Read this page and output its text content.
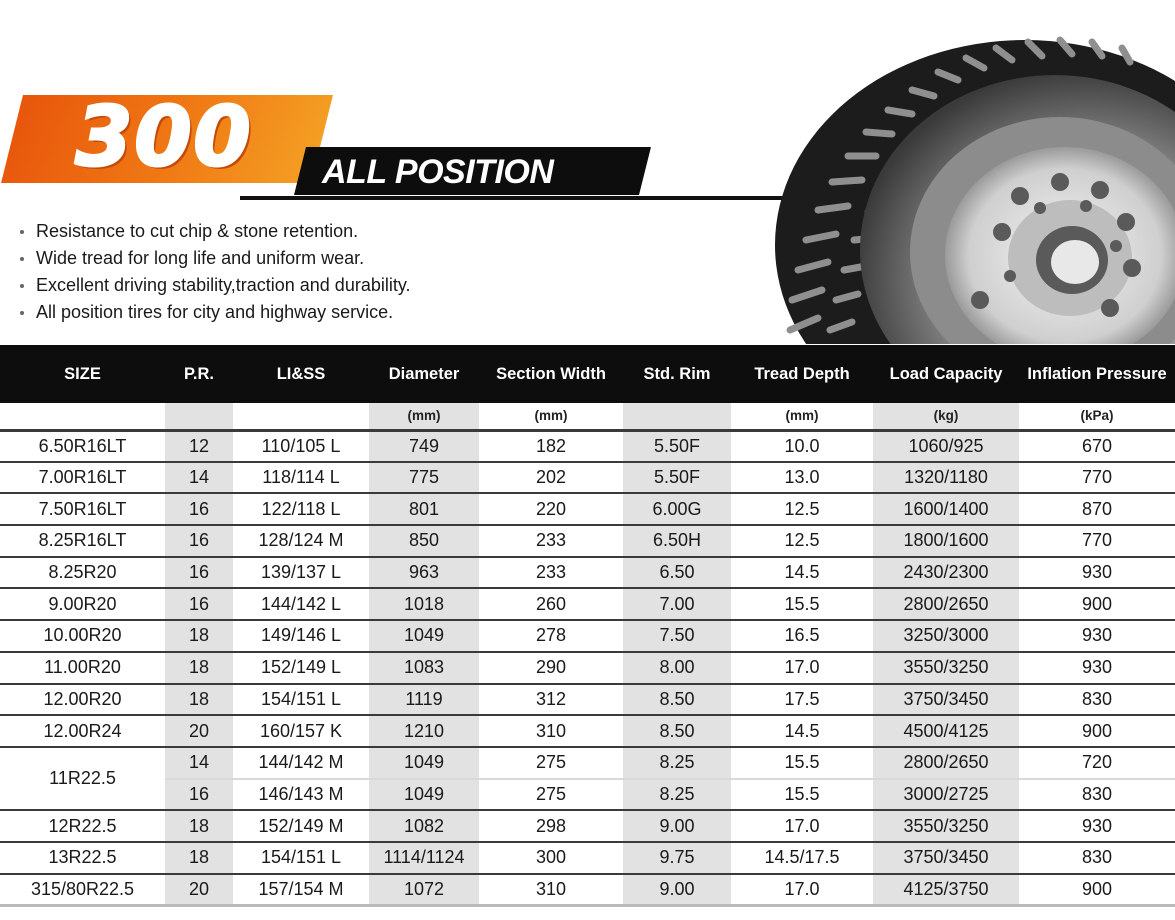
300	ALL POSITION
Resistance to cut chip & stone retention.
Wide tread for long life and uniform wear.
Excellent driving stability,traction and durability.
All position tires for city and highway service.
SIZE	P.R.	LI&SS	Diameter	Section Width	Std. Rim	Tread Depth	Load Capacity	Inflation Pressure
			(mm)	(mm)		(mm)	(kg)	(kPa)
6.50R16LT	12	110/105 L	749	182	5.50F	10.0	1060/925	670
7.00R16LT	14	118/114 L	775	202	5.50F	13.0	1320/1180	770
7.50R16LT	16	122/118 L	801	220	6.00G	12.5	1600/1400	870
8.25R16LT	16	128/124 M	850	233	6.50H	12.5	1800/1600	770
8.25R20	16	139/137 L	963	233	6.50	14.5	2430/2300	930
9.00R20	16	144/142 L	1018	260	7.00	15.5	2800/2650	900
10.00R20	18	149/146 L	1049	278	7.50	16.5	3250/3000	930
11.00R20	18	152/149 L	1083	290	8.00	17.0	3550/3250	930
12.00R20	18	154/151 L	1119	312	8.50	17.5	3750/3450	830
12.00R24	20	160/157 K	1210	310	8.50	14.5	4500/4125	900
11R22.5	14	144/142 M	1049	275	8.25	15.5	2800/2650	720
	16	146/143 M	1049	275	8.25	15.5	3000/2725	830
12R22.5	18	152/149 M	1082	298	9.00	17.0	3550/3250	930
13R22.5	18	154/151 L	1114/1124	300	9.75	14.5/17.5	3750/3450	830
315/80R22.5	20	157/154 M	1072	310	9.00	17.0	4125/3750	900
